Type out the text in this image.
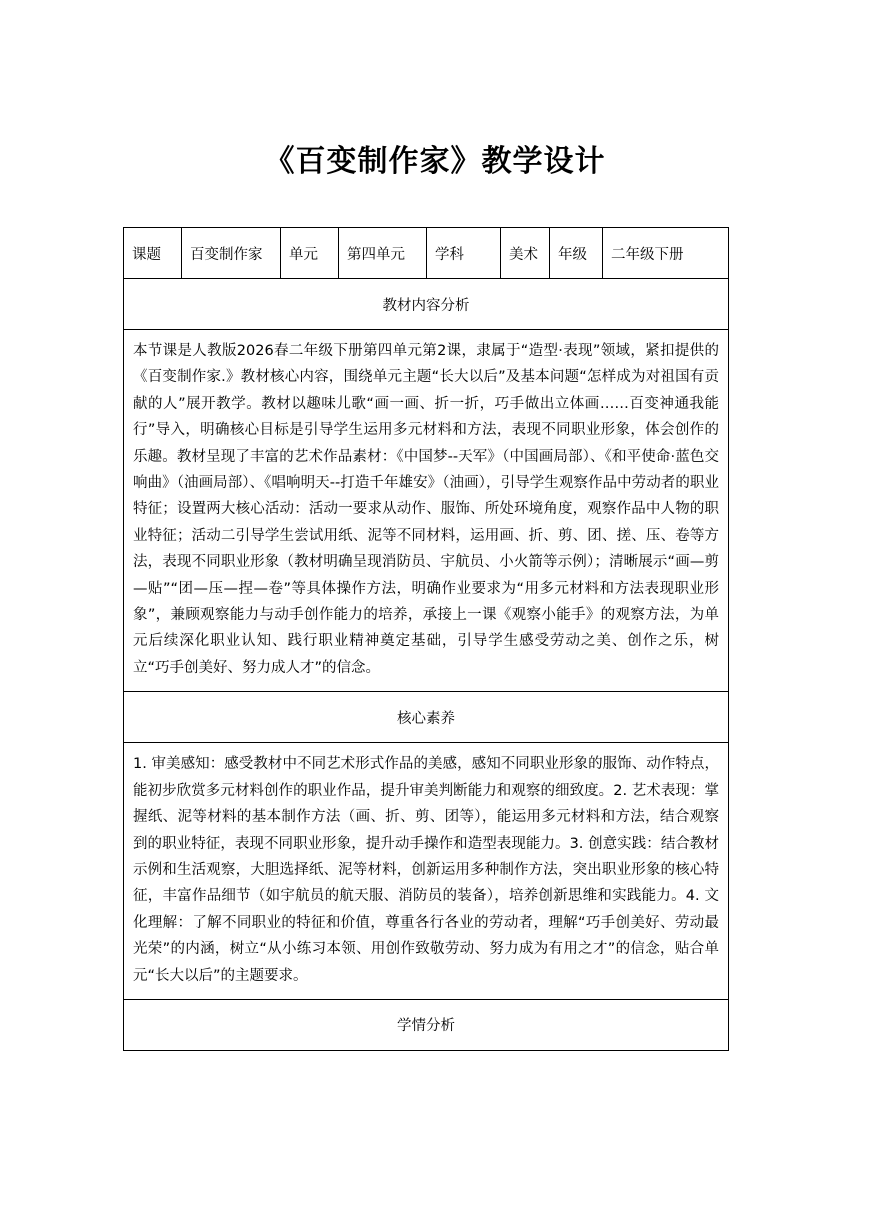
《百变制作家》教学设计
课题	百变制作家	单元	第四单元	学科	美术	年级	二年级下册
教材内容分析
本节课是人教版2026春二年级下册第四单元第2课，隶属于“造型·表现”领域，紧扣提供的《百变制作家.》教材核心内容，围绕单元主题“长大以后”及基本问题“怎样成为对祖国有贡献的人”展开教学。教材以趣味儿歌“画一画、折一折，巧手做出立体画……百变神通我能行”导入，明确核心目标是引导学生运用多元材料和方法，表现不同职业形象，体会创作的乐趣。教材呈现了丰富的艺术作品素材：《中国梦--天军》（中国画局部）、《和平使命·蓝色交响曲》（油画局部）、《唱响明天--打造千年雄安》（油画），引导学生观察作品中劳动者的职业特征；设置两大核心活动：活动一要求从动作、服饰、所处环境角度，观察作品中人物的职业特征；活动二引导学生尝试用纸、泥等不同材料，运用画、折、剪、团、搓、压、卷等方法，表现不同职业形象（教材明确呈现消防员、宇航员、小火箭等示例）；清晰展示“画—剪—贴”“团—压—捏—卷”等具体操作方法，明确作业要求为“用多元材料和方法表现职业形象”，兼顾观察能力与动手创作能力的培养，承接上一课《观察小能手》的观察方法，为单元后续深化职业认知、践行职业精神奠定基础，引导学生感受劳动之美、创作之乐，树立“巧手创美好、努力成人才”的信念。
核心素养
1. 审美感知：感受教材中不同艺术形式作品的美感，感知不同职业形象的服饰、动作特点，能初步欣赏多元材料创作的职业作品，提升审美判断能力和观察的细致度。2. 艺术表现：掌握纸、泥等材料的基本制作方法（画、折、剪、团等），能运用多元材料和方法，结合观察到的职业特征，表现不同职业形象，提升动手操作和造型表现能力。3. 创意实践：结合教材示例和生活观察，大胆选择纸、泥等材料，创新运用多种制作方法，突出职业形象的核心特征，丰富作品细节（如宇航员的航天服、消防员的装备），培养创新思维和实践能力。4. 文化理解：了解不同职业的特征和价值，尊重各行各业的劳动者，理解“巧手创美好、劳动最光荣”的内涵，树立“从小练习本领、用创作致敬劳动、努力成为有用之才”的信念，贴合单元“长大以后”的主题要求。
学情分析
